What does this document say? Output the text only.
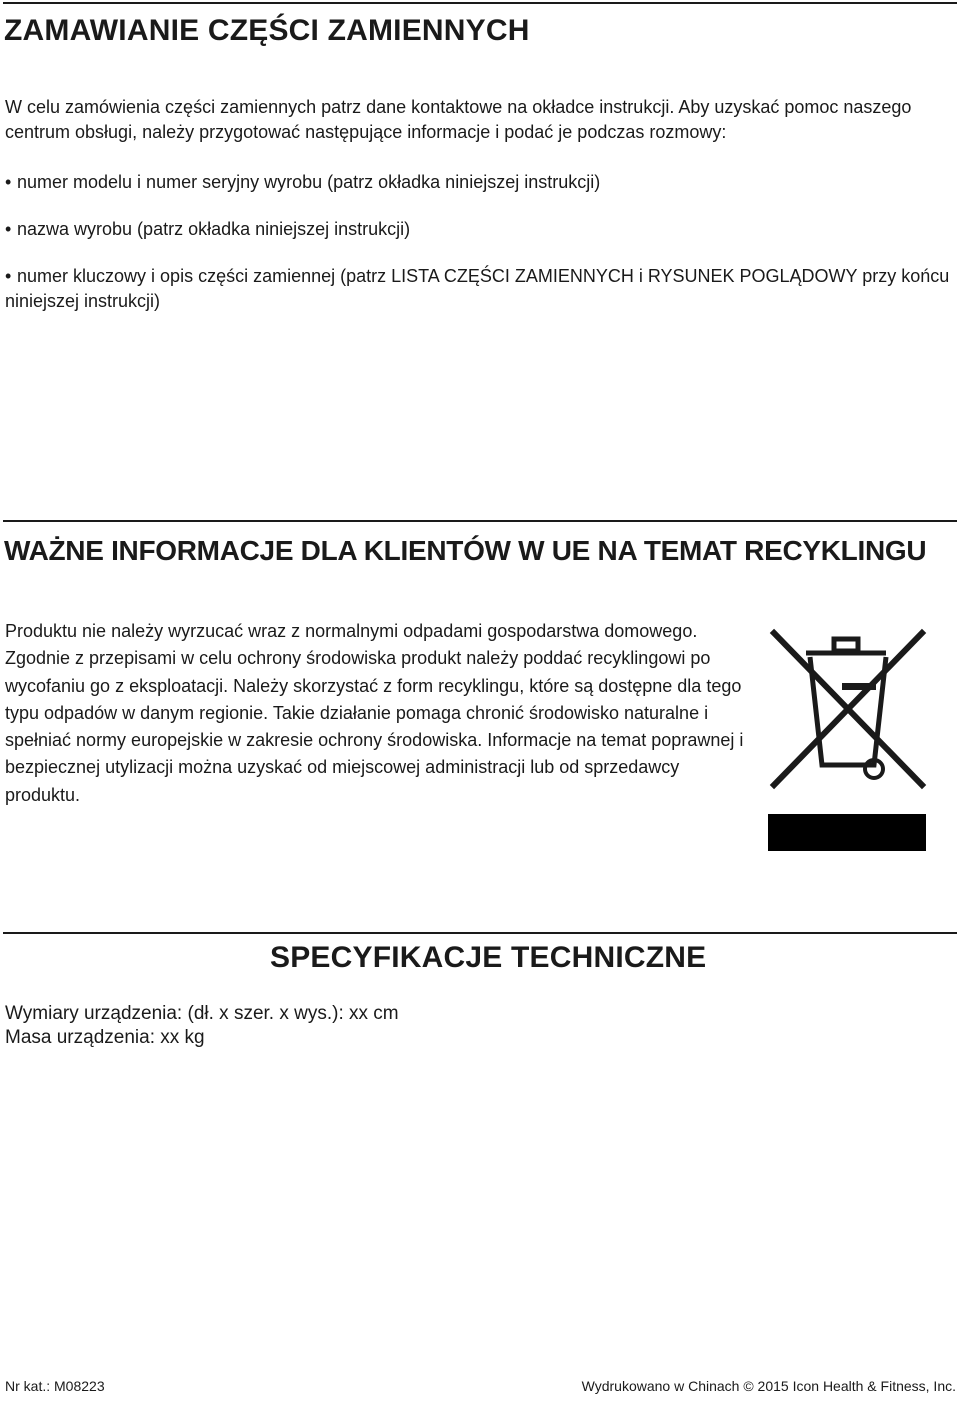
ZAMAWIANIE CZĘŚCI ZAMIENNYCH

W celu zamówienia części zamiennych patrz dane kontaktowe na okładce instrukcji. Aby uzyskać pomoc naszego centrum obsługi, należy przygotować następujące informacje i podać je podczas rozmowy:

• numer modelu i numer seryjny wyrobu (patrz okładka niniejszej instrukcji)

• nazwa wyrobu (patrz okładka niniejszej instrukcji)

• numer kluczowy i opis części zamiennej (patrz LISTA CZĘŚCI ZAMIENNYCH i RYSUNEK POGLĄDOWY przy końcu niniejszej instrukcji)

WAŻNE INFORMACJE DLA KLIENTÓW W UE NA TEMAT RECYKLINGU

Produktu nie należy wyrzucać wraz z normalnymi odpadami gospodarstwa domowego. Zgodnie z przepisami w celu ochrony środowiska produkt należy poddać recyklingowi po wycofaniu go z eksploatacji. Należy skorzystać z form recyklingu, które są dostępne dla tego typu odpadów w danym regionie. Takie działanie pomaga chronić środowisko naturalne i spełniać normy europejskie w zakresie ochrony środowiska. Informacje na temat poprawnej i bezpiecznej utylizacji można uzyskać od miejscowej administracji lub od sprzedawcy produktu.

SPECYFIKACJE TECHNICZNE

Wymiary urządzenia: (dł. x szer. x wys.): xx cm

Masa urządzenia: xx kg

Nr kat.: M08223	Wydrukowano w Chinach © 2015 Icon Health & Fitness, Inc.
